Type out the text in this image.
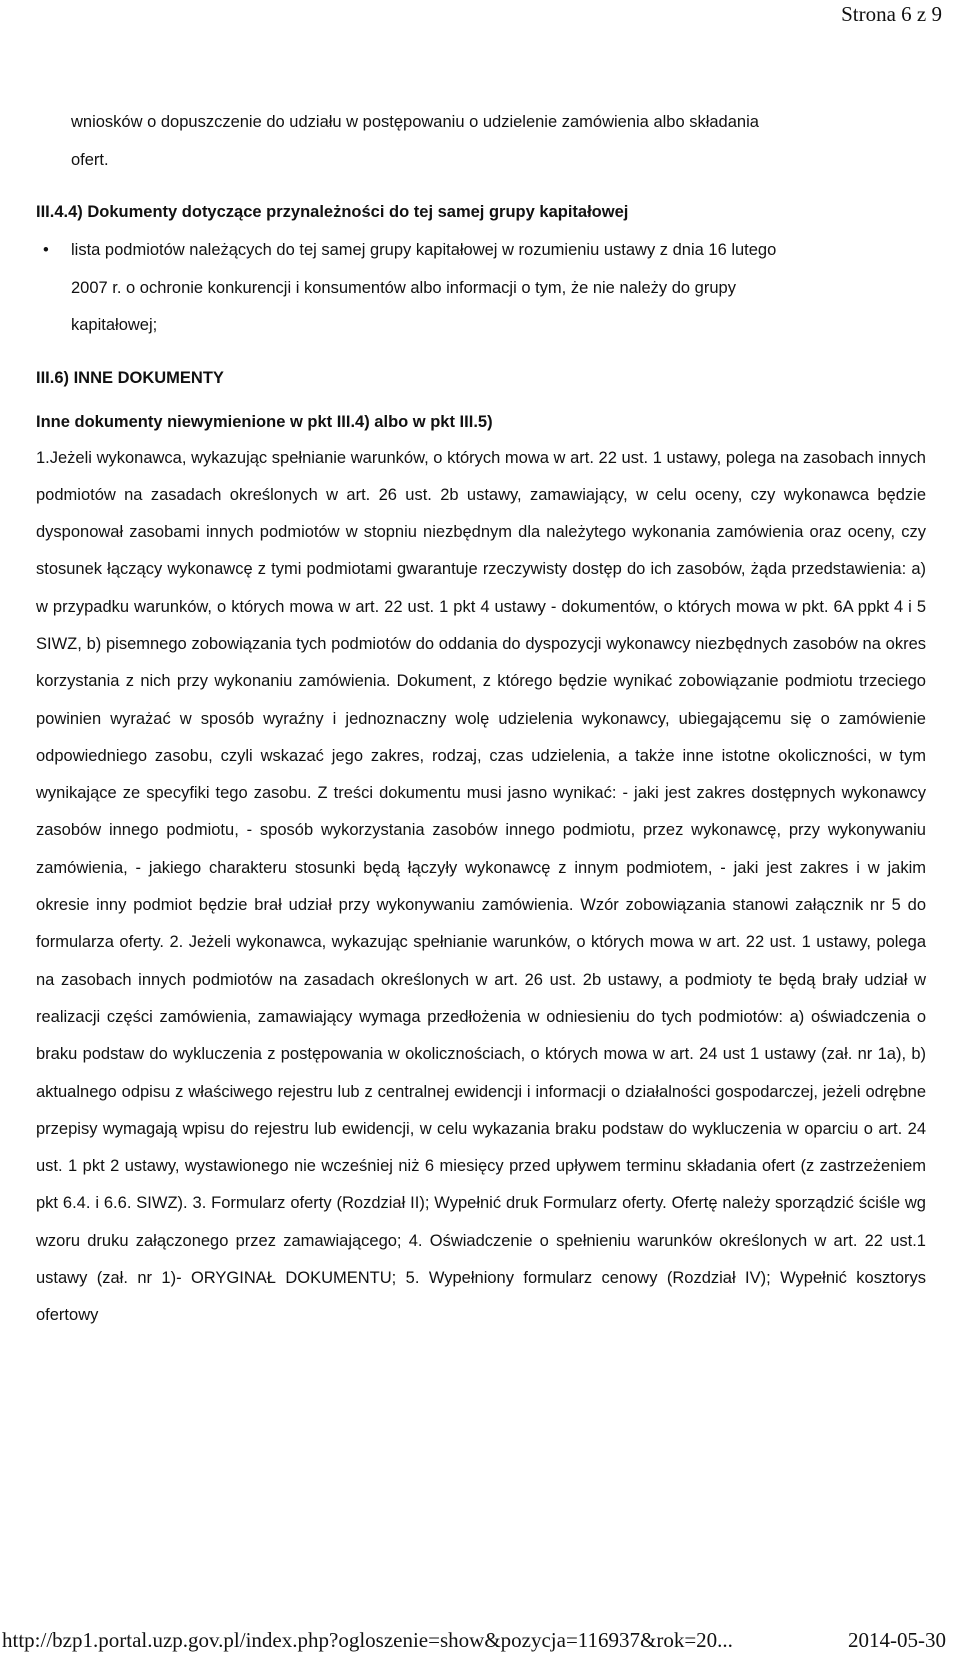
Strona 6 z 9

wniosków o dopuszczenie do udziału w postępowaniu o udzielenie zamówienia albo składania

ofert.

III.4.4) Dokumenty dotyczące przynależności do tej samej grupy kapitałowej

• lista podmiotów należących do tej samej grupy kapitałowej w rozumieniu ustawy z dnia 16 lutego

2007 r. o ochronie konkurencji i konsumentów albo informacji o tym, że nie należy do grupy

kapitałowej;

III.6) INNE DOKUMENTY

Inne dokumenty niewymienione w pkt III.4) albo w pkt III.5)

1.Jeżeli wykonawca, wykazując spełnianie warunków, o których mowa w art. 22 ust. 1 ustawy, polega na zasobach innych podmiotów na zasadach określonych w art. 26 ust. 2b ustawy, zamawiający, w celu oceny, czy wykonawca będzie dysponował zasobami innych podmiotów w stopniu niezbędnym dla należytego wykonania zamówienia oraz oceny, czy stosunek łączący wykonawcę z tymi podmiotami gwarantuje rzeczywisty dostęp do ich zasobów, żąda przedstawienia: a) w przypadku warunków, o których mowa w art. 22 ust. 1 pkt 4 ustawy - dokumentów, o których mowa w pkt. 6A ppkt 4 i 5 SIWZ, b) pisemnego zobowiązania tych podmiotów do oddania do dyspozycji wykonawcy niezbędnych zasobów na okres korzystania z nich przy wykonaniu zamówienia. Dokument, z którego będzie wynikać zobowiązanie podmiotu trzeciego powinien wyrażać w sposób wyraźny i jednoznaczny wolę udzielenia wykonawcy, ubiegającemu się o zamówienie odpowiedniego zasobu, czyli wskazać jego zakres, rodzaj, czas udzielenia, a także inne istotne okoliczności, w tym wynikające ze specyfiki tego zasobu. Z treści dokumentu musi jasno wynikać: - jaki jest zakres dostępnych wykonawcy zasobów innego podmiotu, - sposób wykorzystania zasobów innego podmiotu, przez wykonawcę, przy wykonywaniu zamówienia, - jakiego charakteru stosunki będą łączyły wykonawcę z innym podmiotem, - jaki jest zakres i w jakim okresie inny podmiot będzie brał udział przy wykonywaniu zamówienia. Wzór zobowiązania stanowi załącznik nr 5 do formularza oferty. 2. Jeżeli wykonawca, wykazując spełnianie warunków, o których mowa w art. 22 ust. 1 ustawy, polega na zasobach innych podmiotów na zasadach określonych w art. 26 ust. 2b ustawy, a podmioty te będą brały udział w realizacji części zamówienia, zamawiający wymaga przedłożenia w odniesieniu do tych podmiotów: a) oświadczenia o braku podstaw do wykluczenia z postępowania w okolicznościach, o których mowa w art. 24 ust 1 ustawy (zał. nr 1a), b) aktualnego odpisu z właściwego rejestru lub z centralnej ewidencji i informacji o działalności gospodarczej, jeżeli odrębne przepisy wymagają wpisu do rejestru lub ewidencji, w celu wykazania braku podstaw do wykluczenia w oparciu o art. 24 ust. 1 pkt 2 ustawy, wystawionego nie wcześniej niż 6 miesięcy przed upływem terminu składania ofert (z zastrzeżeniem pkt 6.4. i 6.6. SIWZ). 3. Formularz oferty (Rozdział II); Wypełnić druk Formularz oferty. Ofertę należy sporządzić ściśle wg wzoru druku załączonego przez zamawiającego; 4. Oświadczenie o spełnieniu warunków określonych w art. 22 ust.1 ustawy (zał. nr 1)- ORYGINAŁ DOKUMENTU; 5. Wypełniony formularz cenowy (Rozdział IV); Wypełnić kosztorys ofertowy

http://bzp1.portal.uzp.gov.pl/index.php?ogloszenie=show&pozycja=116937&rok=20...	2014-05-30
